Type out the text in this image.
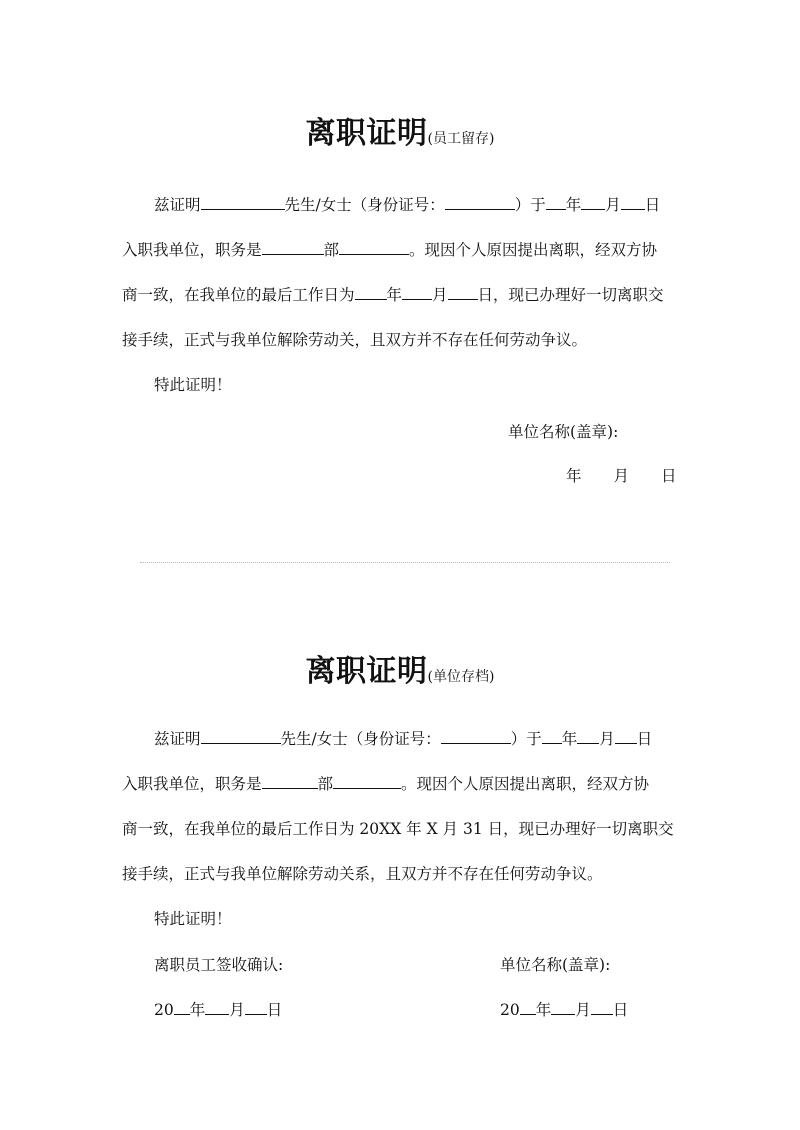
离职证明(员工留存)
兹证明	先生/女士（身份证号：	）于 年 月 日
入职我单位，职务是	部	。现因个人原因提出离职，经双方协
商一致，在我单位的最后工作日为 年 月 日，现已办理好一切离职交
接手续，正式与我单位解除劳动关，且双方并不存在任何劳动争议。
特此证明！
单位名称(盖章):
年 月 日
离职证明(单位存档)
兹证明	先生/女士（身份证号：	）于 年 月 日
入职我单位，职务是	部	。现因个人原因提出离职，经双方协
商一致，在我单位的最后工作日为 20XX 年 X 月 31 日，现已办理好一切离职交
接手续，正式与我单位解除劳动关系，且双方并不存在任何劳动争议。
特此证明！
离职员工签收确认:	单位名称(盖章):
20 年 月 日	20 年 月 日
